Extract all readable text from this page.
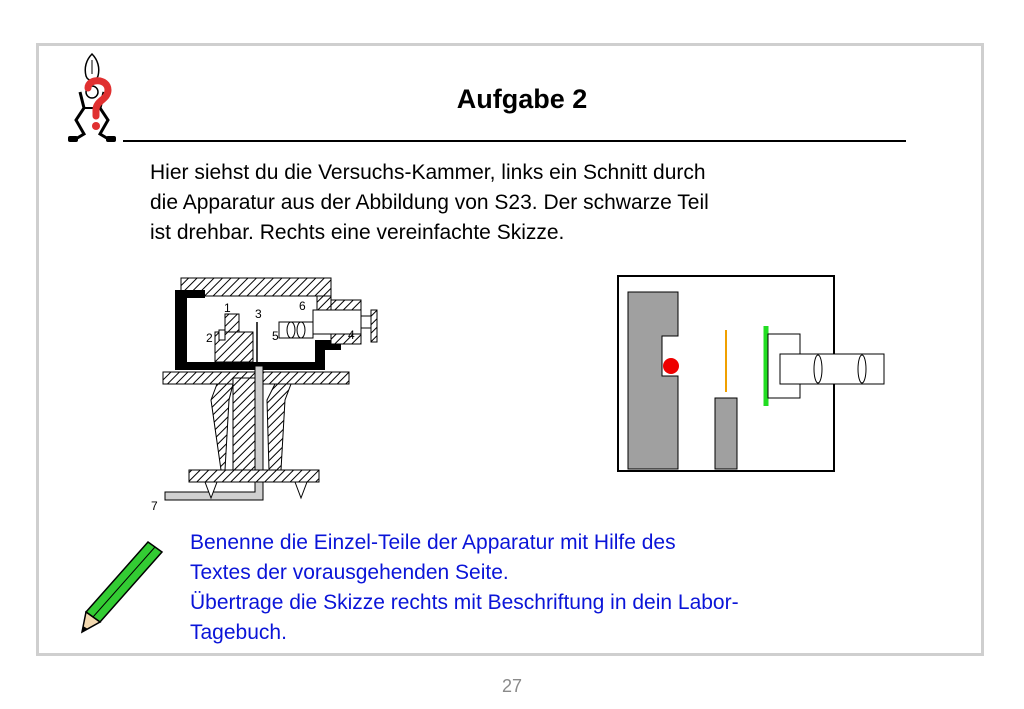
Aufgabe 2

Hier siehst du die Versuchs-Kammer, links ein Schnitt durch
die Apparatur aus der Abbildung von S23. Der schwarze Teil
ist drehbar. Rechts eine vereinfachte Skizze.

1
2
3
4
5
6
7

Benenne die Einzel-Teile der Apparatur mit Hilfe des
Textes der vorausgehenden Seite.
Übertrage die Skizze rechts mit Beschriftung in dein Labor-
Tagebuch.

27
